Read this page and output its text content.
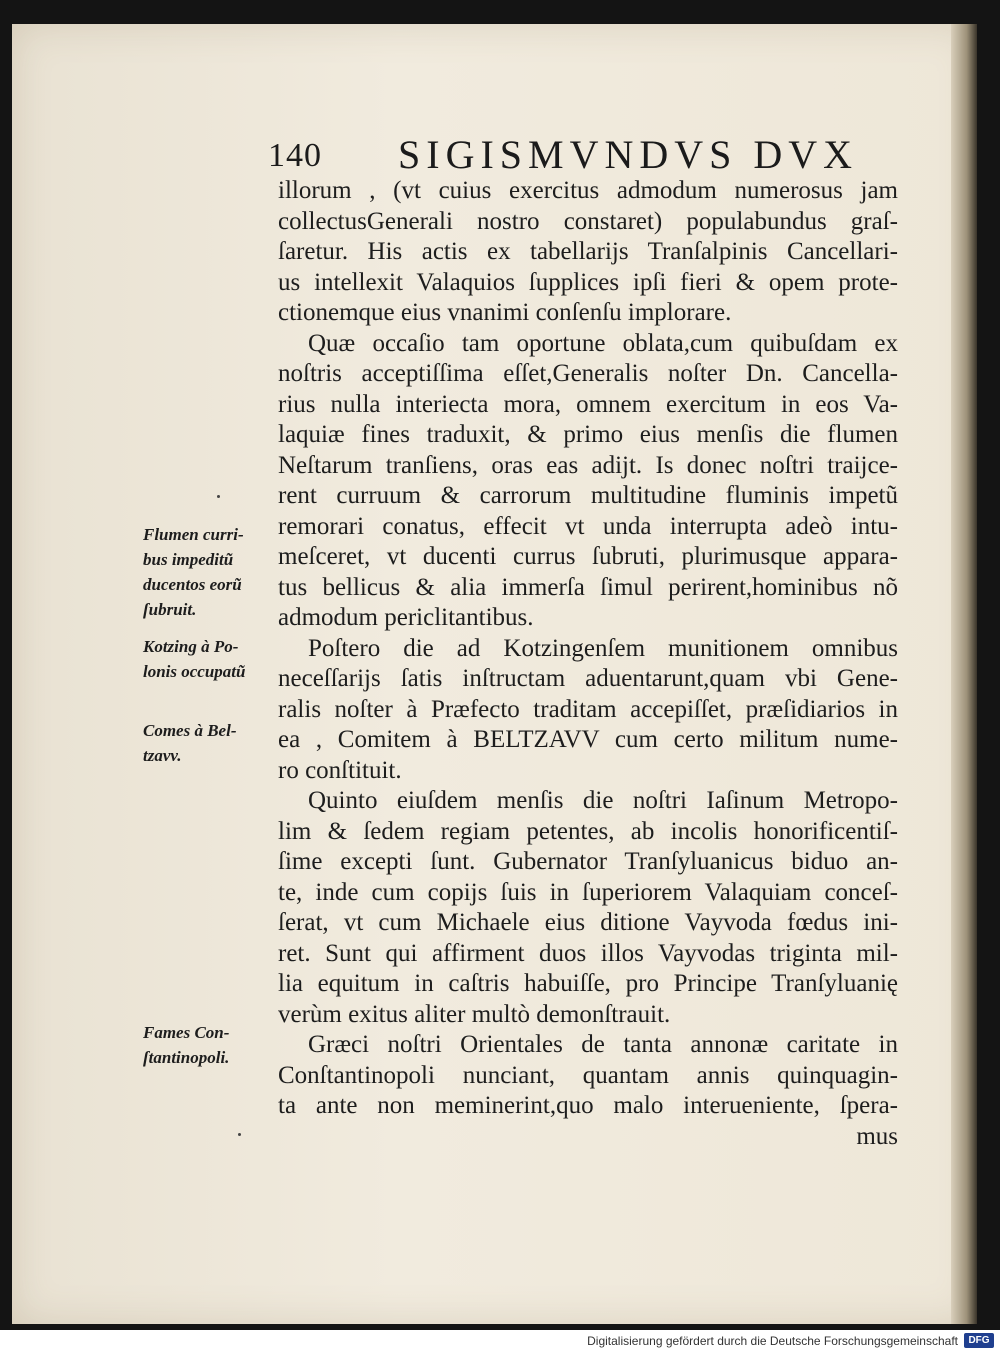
140 SIGISMVNDVS DVX
illorum , (vt cuius exercitus admodum numerosus jam
collectusGenerali nostro constaret) populabundus graſ-
ſaretur. His actis ex tabellarijs Tranſalpinis Cancellari-
us intellexit Valaquios ſupplices ipſi fieri & opem prote-
ctionemque eius vnanimi conſenſu implorare.
Quæ occaſio tam oportune oblata,cum quibuſdam ex
noſtris acceptiſſima eſſet,Generalis noſter Dn. Cancella-
rius nulla interiecta mora, omnem exercitum in eos Va-
laquiæ fines traduxit, & primo eius menſis die flumen
Neſtarum tranſiens, oras eas adijt. Is donec noſtri traijce-
rent curruum & carrorum multitudine fluminis impetũ
remorari conatus, effecit vt unda interrupta adeò intu-
meſceret, vt ducenti currus ſubruti, plurimusque appara-
tus bellicus & alia immerſa ſimul perirent,hominibus nõ
admodum periclitantibus.
Poſtero die ad Kotzingenſem munitionem omnibus
neceſſarijs ſatis inſtructam aduentarunt,quam vbi Gene-
ralis noſter à Præfecto traditam accepiſſet, præſidiarios in
ea , Comitem à BELTZAVV cum certo militum nume-
ro conſtituit.
Quinto eiuſdem menſis die noſtri Iaſinum Metropo-
lim & ſedem regiam petentes, ab incolis honorificentiſ-
ſime excepti ſunt. Gubernator Tranſyluanicus biduo an-
te, inde cum copijs ſuis in ſuperiorem Valaquiam conceſ-
ſerat, vt cum Michaele eius ditione Vayvoda fœdus ini-
ret. Sunt qui affirment duos illos Vayvodas triginta mil-
lia equitum in caſtris habuiſſe, pro Principe Tranſyluanię
verùm exitus aliter multò demonſtrauit.
Græci noſtri Orientales de tanta annonæ caritate in
Conſtantinopoli nunciant, quantam annis quinquagin-
ta ante non meminerint,quo malo interueniente, ſpera-
mus
Flumen curri-
bus impeditũ
ducentos eorũ
ſubruit.
Kotzing à Po-
lonis occupatũ
Comes à Bel-
tzavv.
Fames Con-
ſtantinopoli.
Digitalisierung gefördert durch die Deutsche Forschungsgemeinschaft	DFG
